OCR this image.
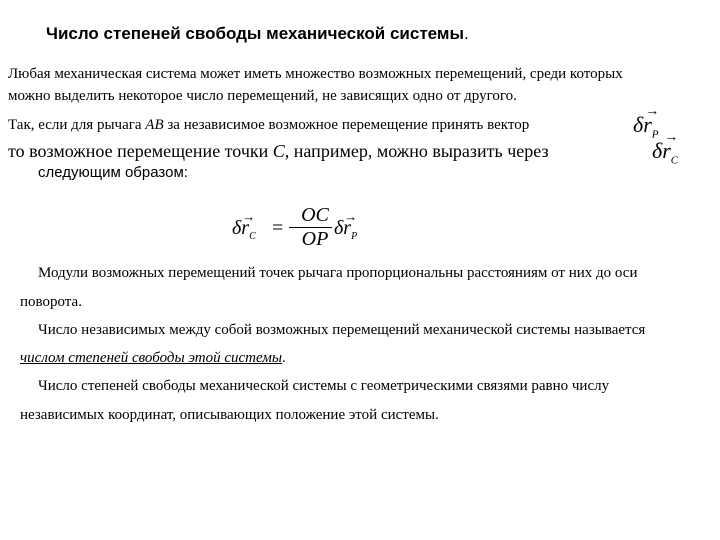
Число степеней свободы механической системы.
Любая механическая система может иметь множество возможных перемещений, среди которых
можно выделить некоторое число перемещений, не зависящих одно от другого.
Так, если для рычага AB за независимое возможное перемещение принять вектор
то возможное перемещение точки C, например, можно выразить через
следующим образом:
δ
→
$r_P$
δ
→
$r_C$
δ
→
$r_C$ = −
OC
OP δ
→
$r_P$
Модули возможных перемещений точек рычага пропорциональны расстояниям от них до оси
поворота.
Число независимых между собой возможных перемещений механической системы называется
числом степеней свободы этой системы.
Число степеней свободы механической системы с геометрическими связями равно числу
независимых координат, описывающих положение этой системы.
